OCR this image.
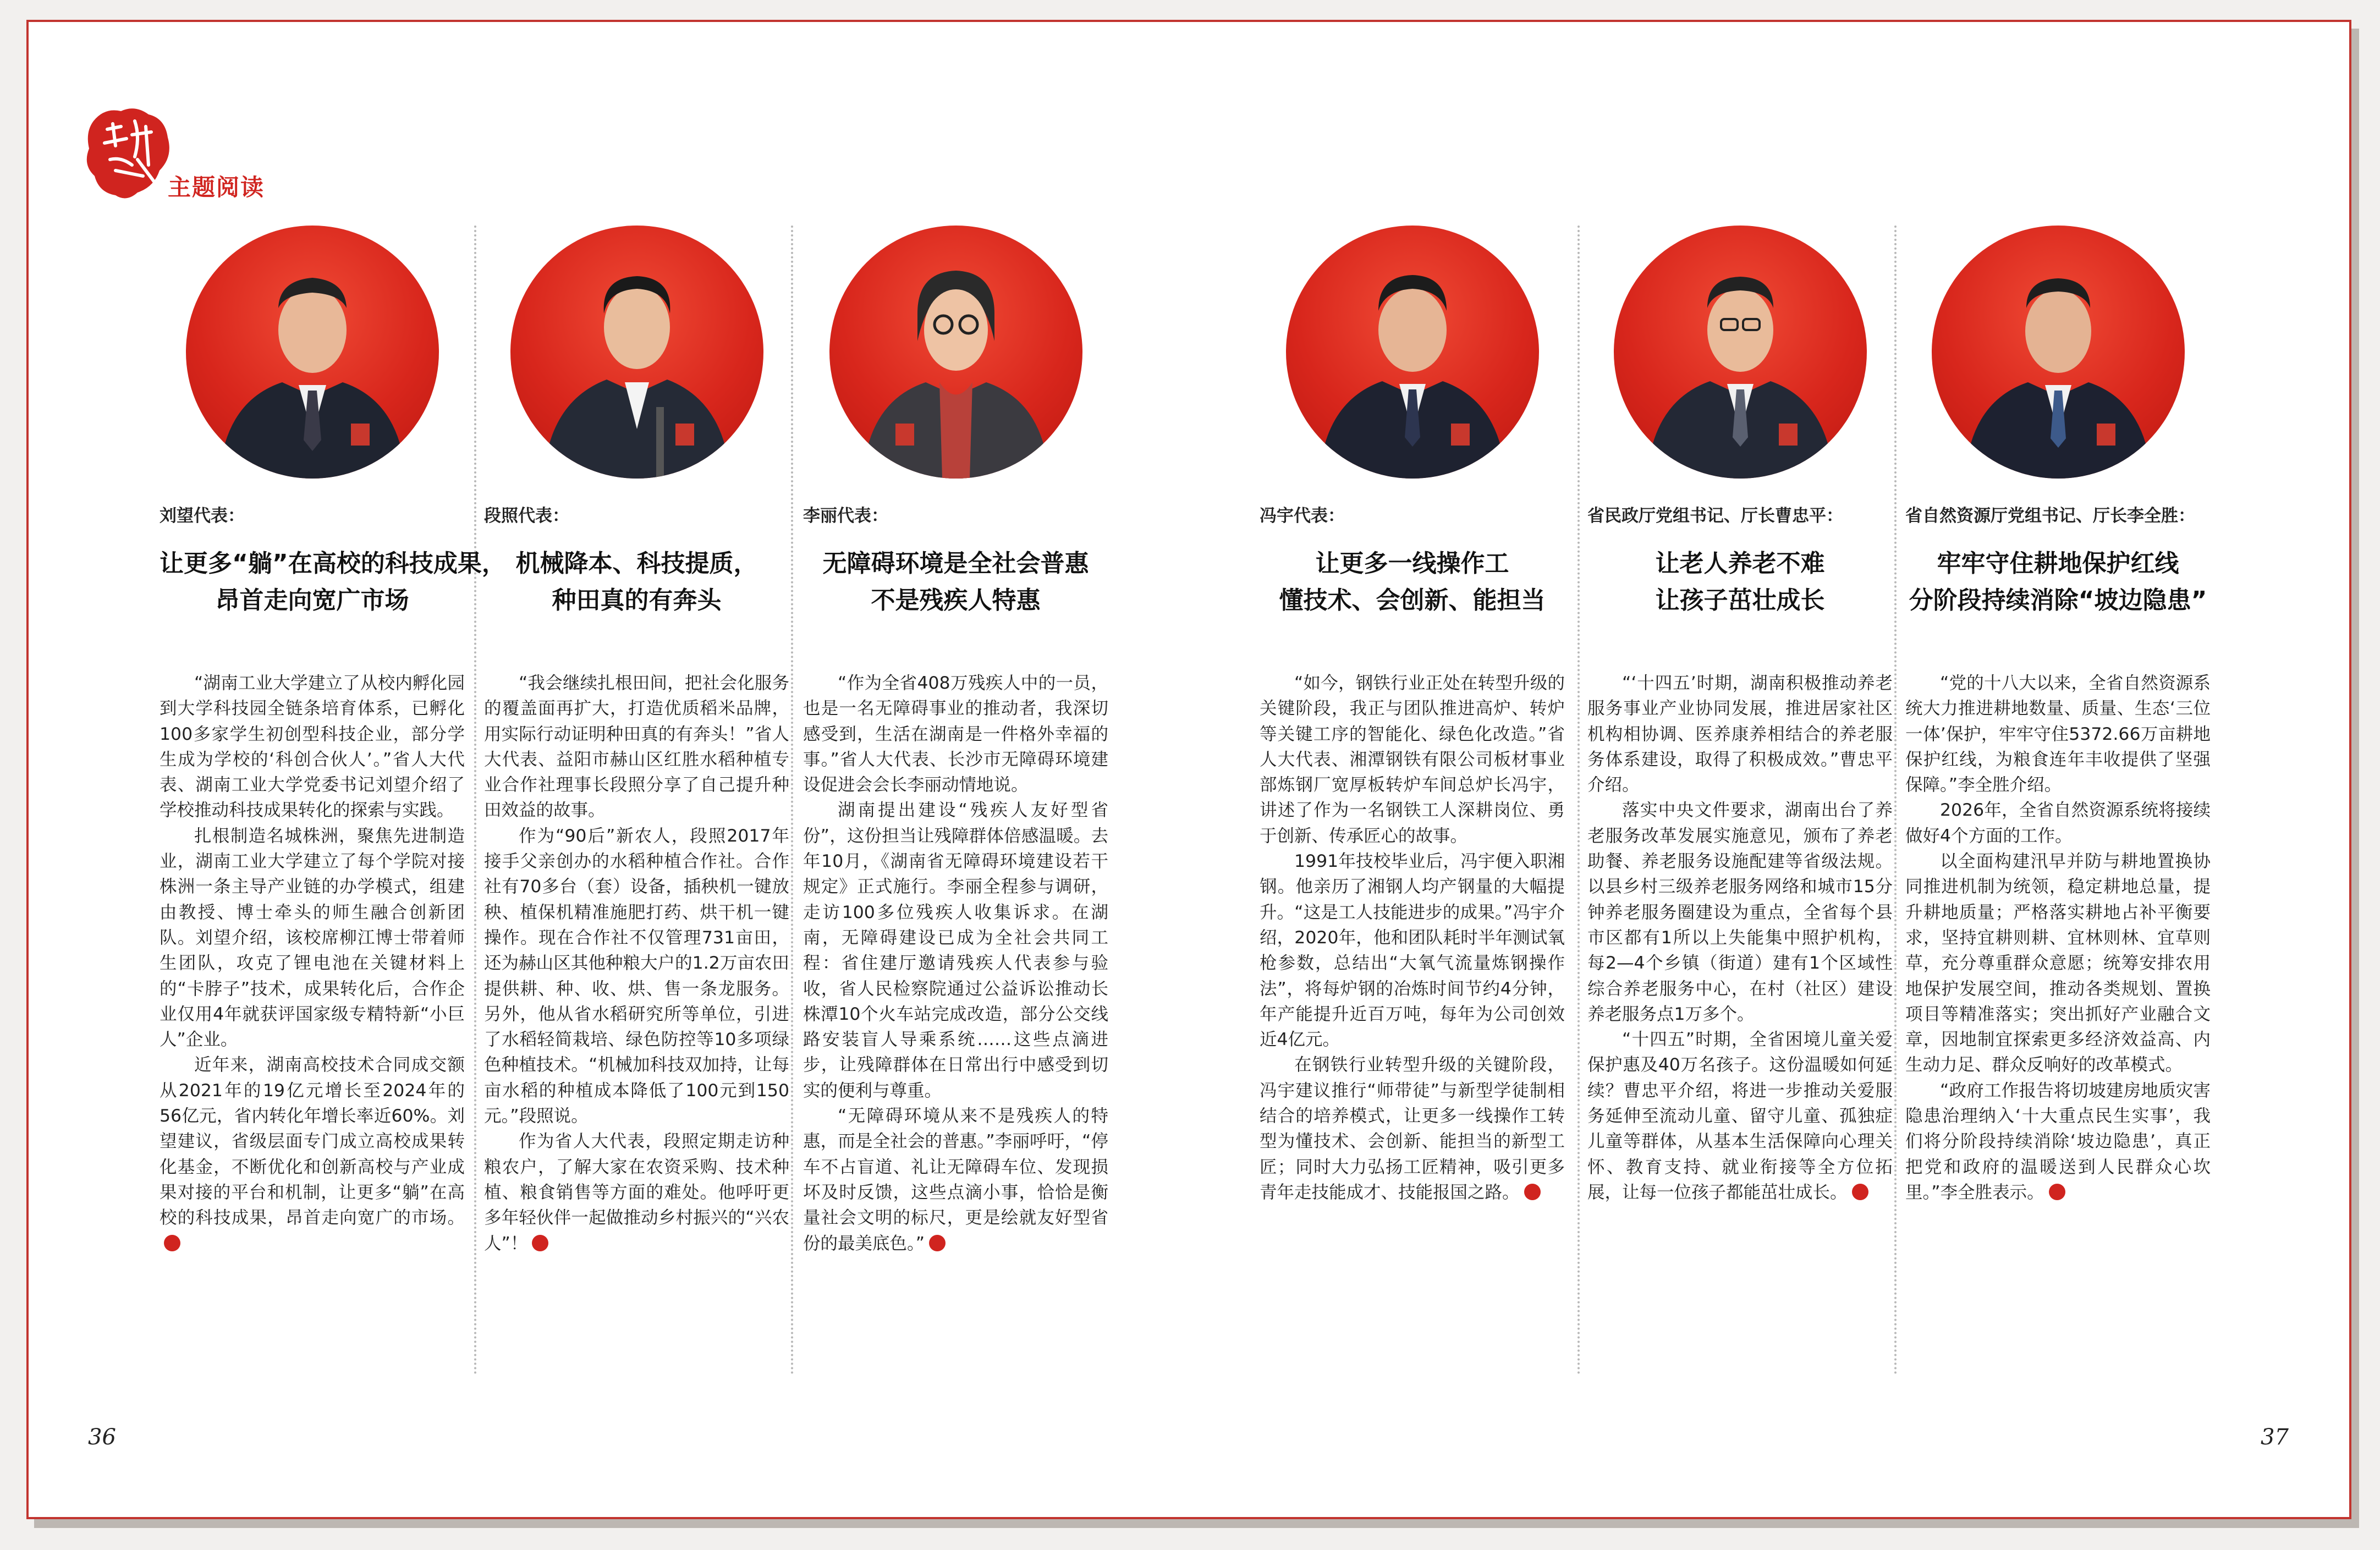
主题阅读
刘望代表：
让更多“躺”在高校的科技成果，
昂首走向宽广市场

“湖南工业大学建立了从校内孵化园到大学科技园全链条培育体系，已孵化100多家学生初创型科技企业，部分学生成为学校的‘科创合伙人’。”省人大代表、湖南工业大学党委书记刘望介绍了学校推动科技成果转化的探索与实践。

扎根制造名城株洲，聚焦先进制造业，湖南工业大学建立了每个学院对接株洲一条主导产业链的办学模式，组建由教授、博士牵头的师生融合创新团队。刘望介绍，该校席柳江博士带着师生团队，攻克了锂电池在关键材料上的“卡脖子”技术，成果转化后，合作企业仅用4年就获评国家级专精特新“小巨人”企业。

近年来，湖南高校技术合同成交额从2021年的19亿元增长至2024年的56亿元，省内转化年增长率近60%。刘望建议，省级层面专门成立高校成果转化基金，不断优化和创新高校与产业成果对接的平台和机制，让更多“躺”在高校的科技成果，昂首走向宽广的市场。

段照代表：
机械降本、科技提质，
种田真的有奔头

“我会继续扎根田间，把社会化服务的覆盖面再扩大，打造优质稻米品牌，用实际行动证明种田真的有奔头！”省人大代表、益阳市赫山区红胜水稻种植专业合作社理事长段照分享了自己提升种田效益的故事。

作为“90后”新农人，段照2017年接手父亲创办的水稻种植合作社。合作社有70多台（套）设备，插秧机一键放秧、植保机精准施肥打药、烘干机一键操作。现在合作社不仅管理731亩田，还为赫山区其他种粮大户的1.2万亩农田提供耕、种、收、烘、售一条龙服务。另外，他从省水稻研究所等单位，引进了水稻轻简栽培、绿色防控等10多项绿色种植技术。“机械加科技双加持，让每亩水稻的种植成本降低了100元到150元。”段照说。

作为省人大代表，段照定期走访种粮农户，了解大家在农资采购、技术种植、粮食销售等方面的难处。他呼吁更多年轻伙伴一起做推动乡村振兴的“兴农人”！

李丽代表：
无障碍环境是全社会普惠
不是残疾人特惠

“作为全省408万残疾人中的一员，也是一名无障碍事业的推动者，我深切感受到，生活在湖南是一件格外幸福的事。”省人大代表、长沙市无障碍环境建设促进会会长李丽动情地说。

湖南提出建设“残疾人友好型省份”，这份担当让残障群体倍感温暖。去年10月，《湖南省无障碍环境建设若干规定》正式施行。李丽全程参与调研，走访100多位残疾人收集诉求。在湖南，无障碍建设已成为全社会共同工程：省住建厅邀请残疾人代表参与验收，省人民检察院通过公益诉讼推动长株潭10个火车站完成改造，部分公交线路安装盲人导乘系统……这些点滴进步，让残障群体在日常出行中感受到切实的便利与尊重。

“无障碍环境从来不是残疾人的特惠，而是全社会的普惠。”李丽呼吁，“停车不占盲道、礼让无障碍车位、发现损坏及时反馈，这些点滴小事，恰恰是衡量社会文明的标尺，更是绘就友好型省份的最美底色。”

冯宇代表：
让更多一线操作工
懂技术、会创新、能担当

“如今，钢铁行业正处在转型升级的关键阶段，我正与团队推进高炉、转炉等关键工序的智能化、绿色化改造。”省人大代表、湘潭钢铁有限公司板材事业部炼钢厂宽厚板转炉车间总炉长冯宇，讲述了作为一名钢铁工人深耕岗位、勇于创新、传承匠心的故事。

1991年技校毕业后，冯宇便入职湘钢。他亲历了湘钢人均产钢量的大幅提升。“这是工人技能进步的成果。”冯宇介绍，2020年，他和团队耗时半年测试氧枪参数，总结出“大氧气流量炼钢操作法”，将每炉钢的冶炼时间节约4分钟，年产能提升近百万吨，每年为公司创效近4亿元。

在钢铁行业转型升级的关键阶段，冯宇建议推行“师带徒”与新型学徒制相结合的培养模式，让更多一线操作工转型为懂技术、会创新、能担当的新型工匠；同时大力弘扬工匠精神，吸引更多青年走技能成才、技能报国之路。

省民政厅党组书记、厅长曹忠平：
让老人养老不难
让孩子茁壮成长

“‘十四五’时期，湖南积极推动养老服务事业产业协同发展，推进居家社区机构相协调、医养康养相结合的养老服务体系建设，取得了积极成效。”曹忠平介绍。

落实中央文件要求，湖南出台了养老服务改革发展实施意见，颁布了养老助餐、养老服务设施配建等省级法规。以县乡村三级养老服务网络和城市15分钟养老服务圈建设为重点，全省每个县市区都有1所以上失能集中照护机构，每2—4个乡镇（街道）建有1个区域性综合养老服务中心，在村（社区）建设养老服务点1万多个。

“十四五”时期，全省困境儿童关爱保护惠及40万名孩子。这份温暖如何延续？曹忠平介绍，将进一步推动关爱服务延伸至流动儿童、留守儿童、孤独症儿童等群体，从基本生活保障向心理关怀、教育支持、就业衔接等全方位拓展，让每一位孩子都能茁壮成长。

省自然资源厅党组书记、厅长李全胜：
牢牢守住耕地保护红线
分阶段持续消除“坡边隐患”

“党的十八大以来，全省自然资源系统大力推进耕地数量、质量、生态‘三位一体’保护，牢牢守住5372.66万亩耕地保护红线，为粮食连年丰收提供了坚强保障。”李全胜介绍。

2026年，全省自然资源系统将接续做好4个方面的工作。

以全面构建汛早并防与耕地置换协同推进机制为统领，稳定耕地总量，提升耕地质量；严格落实耕地占补平衡要求，坚持宜耕则耕、宜林则林、宜草则草，充分尊重群众意愿；统筹安排农用地保护发展空间，推动各类规划、置换项目等精准落实；突出抓好产业融合文章，因地制宜探索更多经济效益高、内生动力足、群众反响好的改革模式。

“政府工作报告将切坡建房地质灾害隐患治理纳入‘十大重点民生实事’，我们将分阶段持续消除‘坡边隐患’，真正把党和政府的温暖送到人民群众心坎里。”李全胜表示。

36	37
